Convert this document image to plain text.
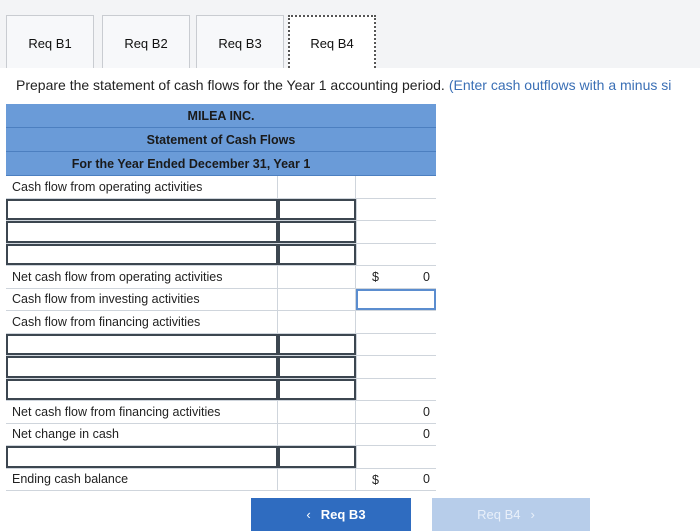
Req B1	Req B2	Req B3	Req B4
Prepare the statement of cash flows for the Year 1 accounting period. (Enter cash outflows with a minus si
MILEA INC.
Statement of Cash Flows
For the Year Ended December 31, Year 1
Cash flow from operating activities
Net cash flow from operating activities	$	0
Cash flow from investing activities
Cash flow from financing activities
Net cash flow from financing activities	0
Net change in cash	0
Ending cash balance	$	0
‹ Req B3	Req B4 ›
